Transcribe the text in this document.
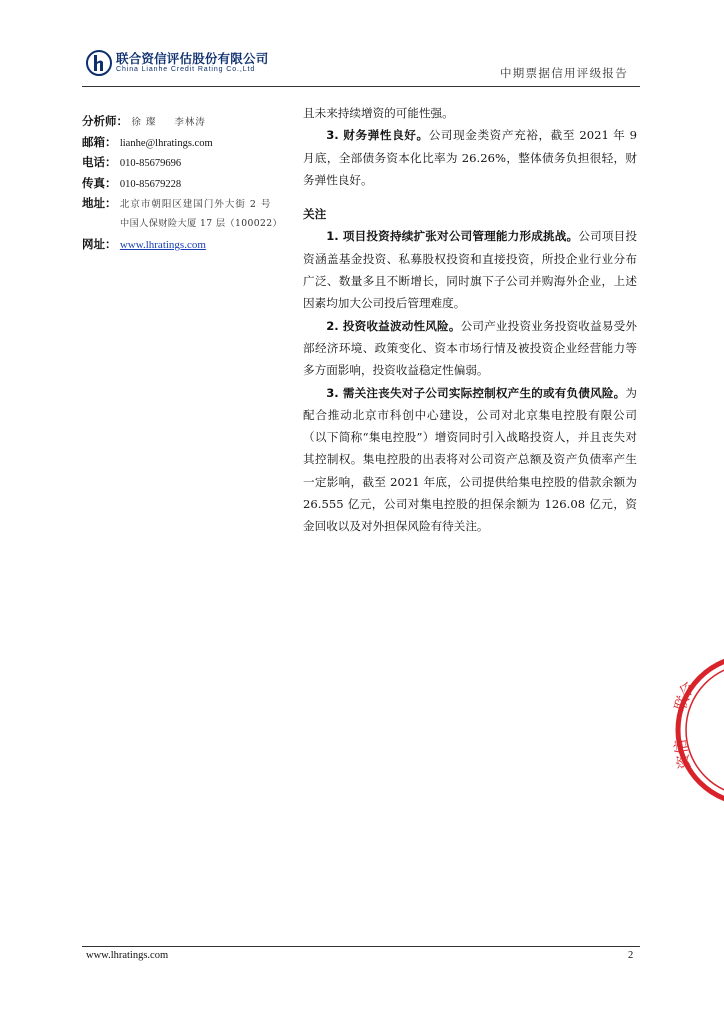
联合资信评估股份有限公司
China Lianhe Credit Rating Co.,Ltd	中期票据信用评级报告
分析师： 徐 璨 李林涛
邮箱： lianhe@lhratings.com
电话： 010-85679696
传真： 010-85679228
地址： 北京市朝阳区建国门外大街 2 号
中国人保财险大厦 17 层（100022）
网址： www.lhratings.com

且未来持续增资的可能性强。

3. 财务弹性良好。公司现金类资产充裕，截至 2021 年 9 月底，全部债务资本化比率为 26.26%，整体债务负担很轻，财务弹性良好。

关注

1. 项目投资持续扩张对公司管理能力形成挑战。公司项目投资涵盖基金投资、私募股权投资和直接投资，所投企业行业分布广泛、数量多且不断增长，同时旗下子公司并购海外企业，上述因素均加大公司投后管理难度。

2. 投资收益波动性风险。公司产业投资业务投资收益易受外部经济环境、政策变化、资本市场行情及被投资企业经营能力等多方面影响，投资收益稳定性偏弱。

3. 需关注丧失对子公司实际控制权产生的或有负债风险。为配合推动北京市科创中心建设，公司对北京集电控股有限公司（以下简称“集电控股”）增资同时引入战略投资人，并且丧失对其控制权。集电控股的出表将对公司资产总额及资产负债率产生一定影响，截至 2021 年底，公司提供给集电控股的借款余额为 26.555 亿元，公司对集电控股的担保余额为 126.08 亿元，资金回收以及对外担保风险有待关注。

联合
资信
www.lhratings.com	2
